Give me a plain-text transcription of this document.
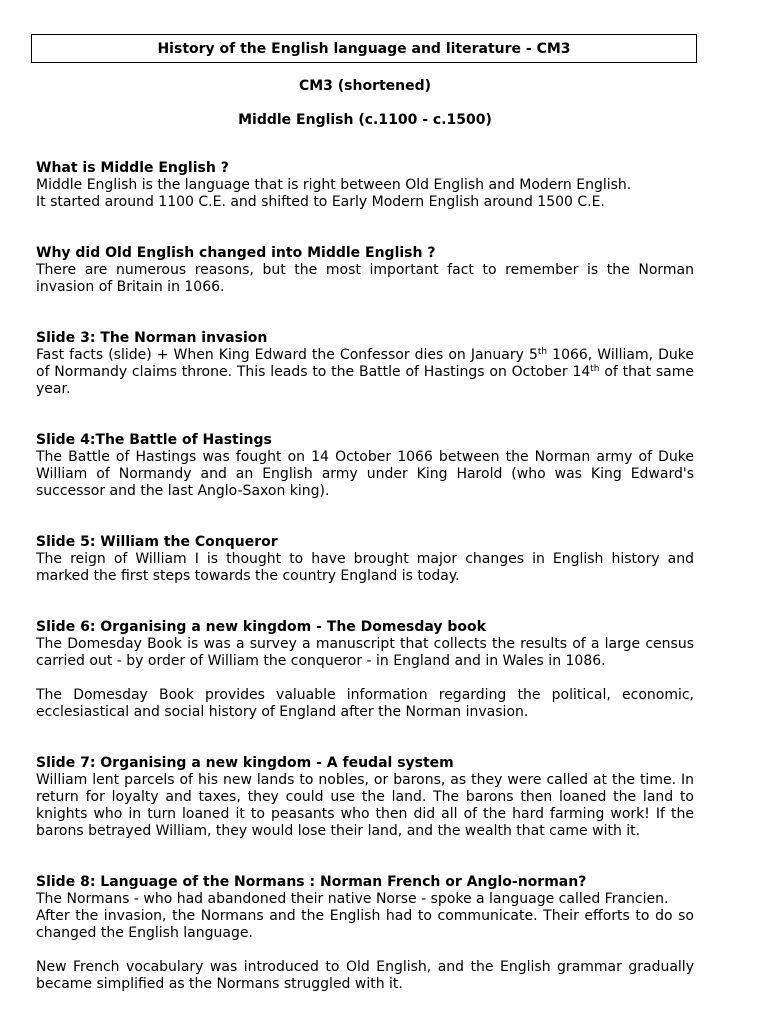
History of the English language and literature - CM3
CM3 (shortened)
Middle English (c.1100 - c.1500)
What is Middle English ?

Middle English is the language that is right between Old English and Modern English.

It started around 1100 C.E. and shifted to Early Modern English around 1500 C.E.

Why did Old English changed into Middle English ?

There are numerous reasons, but the most important fact to remember is the Norman invasion of Britain in 1066.

Slide 3: The Norman invasion

Fast facts (slide) + When King Edward the Confessor dies on January 5th 1066, William, Duke of Normandy claims throne. This leads to the Battle of Hastings on October 14th of that same year.

Slide 4:The Battle of Hastings

The Battle of Hastings was fought on 14 October 1066 between the Norman army of Duke William of Normandy and an English army under King Harold (who was King Edward's successor and the last Anglo-Saxon king).

Slide 5: William the Conqueror

The reign of William I is thought to have brought major changes in English history and marked the first steps towards the country England is today.

Slide 6: Organising a new kingdom - The Domesday book

The Domesday Book is was a survey a manuscript that collects the results of a large census carried out - by order of William the conqueror - in England and in Wales in 1086.

The Domesday Book provides valuable information regarding the political, economic, ecclesiastical and social history of England after the Norman invasion.

Slide 7: Organising a new kingdom - A feudal system

William lent parcels of his new lands to nobles, or barons, as they were called at the time. In return for loyalty and taxes, they could use the land. The barons then loaned the land to knights who in turn loaned it to peasants who then did all of the hard farming work! If the barons betrayed William, they would lose their land, and the wealth that came with it.

Slide 8: Language of the Normans : Norman French or Anglo-norman?

The Normans - who had abandoned their native Norse - spoke a language called Francien.

After the invasion, the Normans and the English had to communicate. Their efforts to do so changed the English language.

New French vocabulary was introduced to Old English, and the English grammar gradually became simplified as the Normans struggled with it.
